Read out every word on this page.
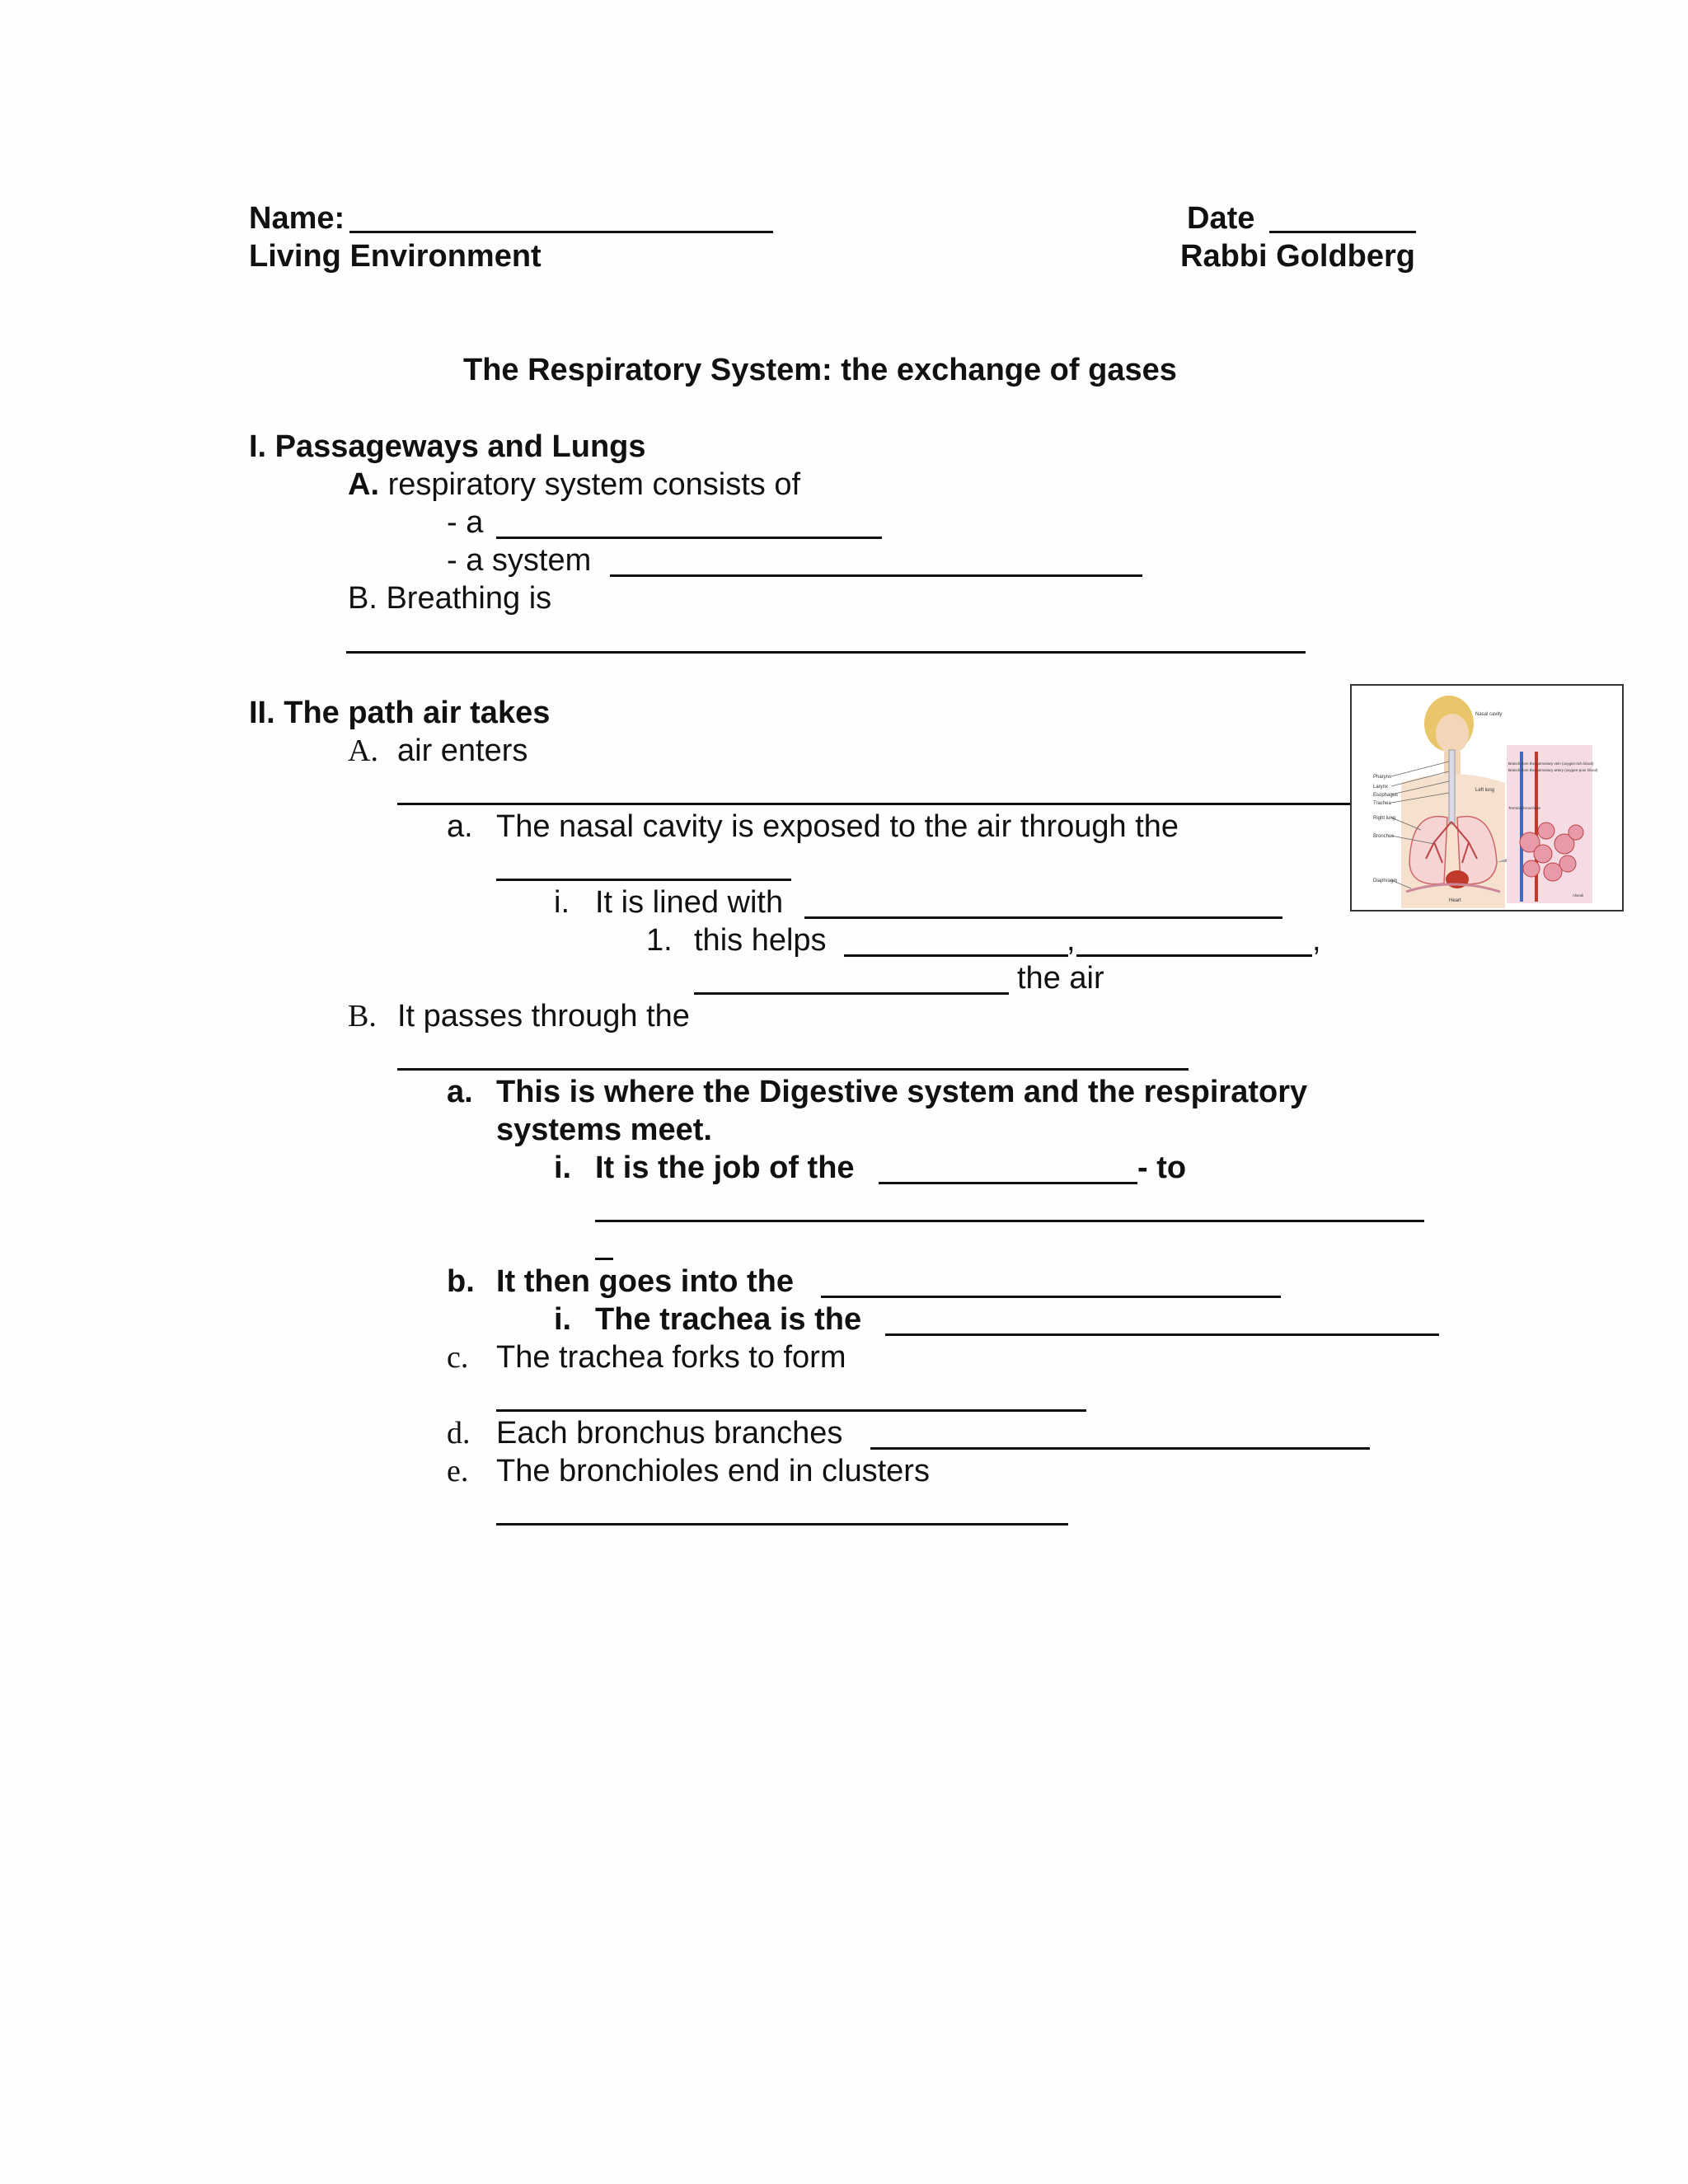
Name:	Date
Living Environment	Rabbi Goldberg
The Respiratory System: the exchange of gases
I. Passageways and Lungs
A. respiratory system consists of
- a
- a system
B. Breathing is
II. The path air takes
A. air enters
a. The nasal cavity is exposed to the air through the
i. It is lined with
1. this helps	,	,
the air
B. It passes through the
a. This is where the Digestive system and the respiratory
systems meet.
i. It is the job of the	- to
b. It then goes into the
i. The trachea is the
c. The trachea forks to form
d. Each bronchus branches
e. The bronchioles end in clusters
Pharynx
Larynx
Esophagus
Trachea
Right lung
Bronchus
Diaphragm
Nasal cavity
Left lung
Heart
Branch from the pulmonary vein (oxygen-rich blood)
Terminal bronchiole
Branch from the pulmonary artery (oxygen-poor blood)
Alveoli
